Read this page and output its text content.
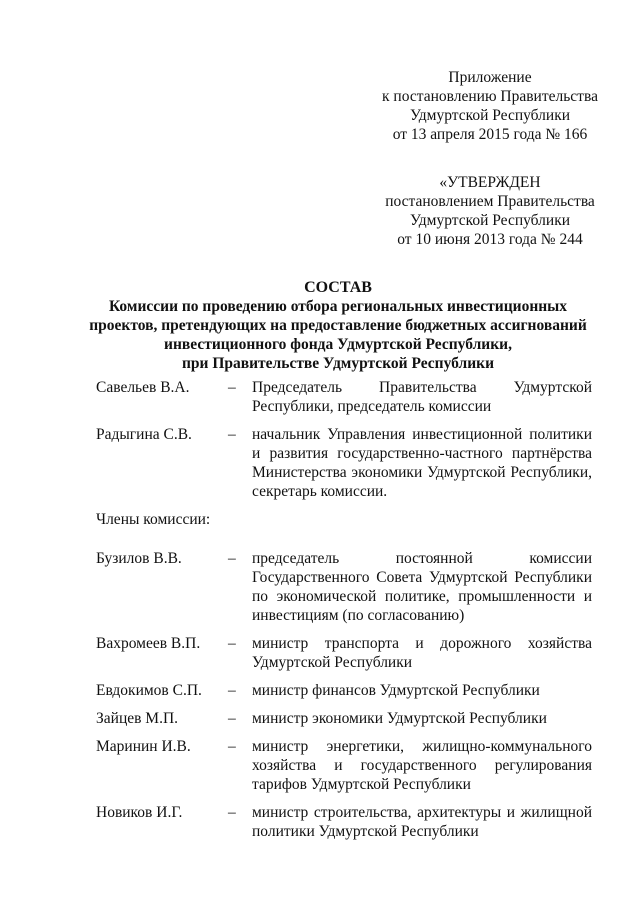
Приложение
к постановлению Правительства
Удмуртской Республики
от 13 апреля 2015 года № 166
«УТВЕРЖДЕН
постановлением Правительства
Удмуртской Республики
от 10 июня 2013 года № 244
СОСТАВ
Комиссии по проведению отбора региональных инвестиционных
проектов, претендующих на предоставление бюджетных ассигнований
инвестиционного фонда Удмуртской Республики,
при Правительстве Удмуртской Республики
Савельев В.А.	–	Председатель Правительства Удмуртской Республики, председатель комиссии
Радыгина С.В.	–	начальник Управления инвестиционной политики и развития государственно-частного партнёрства Министерства экономики Удмуртской Республики, секретарь комиссии.
Члены комиссии:
Бузилов В.В.	–	председатель постоянной комиссии Государственного Совета Удмуртской Республики по экономической политике, промышленности и инвестициям (по согласованию)
Вахромеев В.П.	–	министр транспорта и дорожного хозяйства Удмуртской Республики
Евдокимов С.П.	–	министр финансов Удмуртской Республики
Зайцев М.П.	–	министр экономики Удмуртской Республики
Маринин И.В.	–	министр энергетики, жилищно-коммунального хозяйства и государственного регулирования тарифов Удмуртской Республики
Новиков И.Г.	–	министр строительства, архитектуры и жилищной политики Удмуртской Республики
